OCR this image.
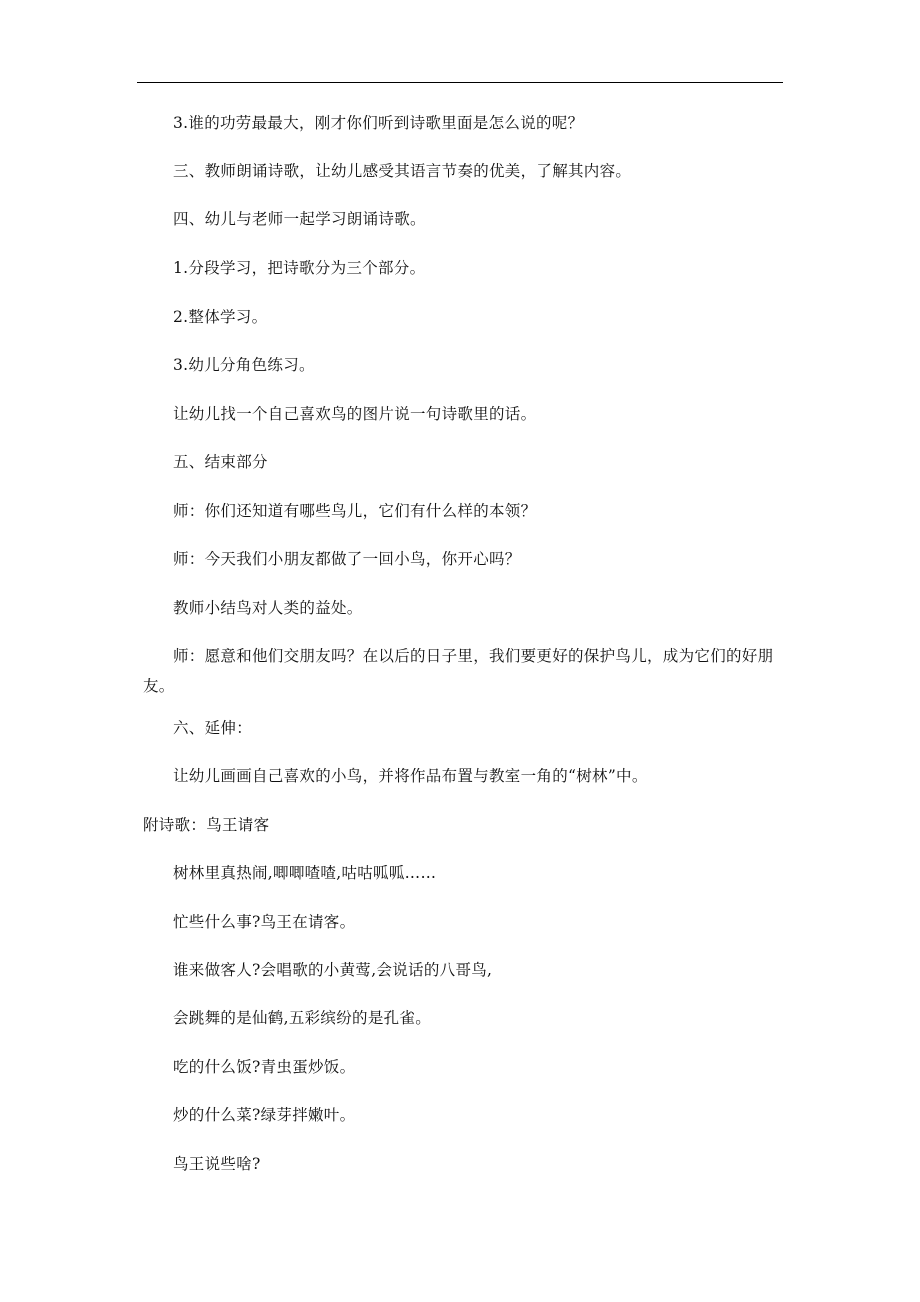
3.谁的功劳最最大，刚才你们听到诗歌里面是怎么说的呢？
三、教师朗诵诗歌，让幼儿感受其语言节奏的优美，了解其内容。
四、幼儿与老师一起学习朗诵诗歌。
1.分段学习，把诗歌分为三个部分。
2.整体学习。
3.幼儿分角色练习。
让幼儿找一个自己喜欢鸟的图片说一句诗歌里的话。
五、结束部分
师：你们还知道有哪些鸟儿，它们有什么样的本领？
师：今天我们小朋友都做了一回小鸟，你开心吗？
教师小结鸟对人类的益处。
师：愿意和他们交朋友吗？在以后的日子里，我们要更好的保护鸟儿，成为它们的好朋
友。
六、延伸：
让幼儿画画自己喜欢的小鸟，并将作品布置与教室一角的“树林”中。
附诗歌：鸟王请客
树林里真热闹,唧唧喳喳,咕咕呱呱……
忙些什么事?鸟王在请客。
谁来做客人?会唱歌的小黄莺,会说话的八哥鸟,
会跳舞的是仙鹤,五彩缤纷的是孔雀。
吃的什么饭?青虫蛋炒饭。
炒的什么菜?绿芽拌嫩叶。
鸟王说些啥?
